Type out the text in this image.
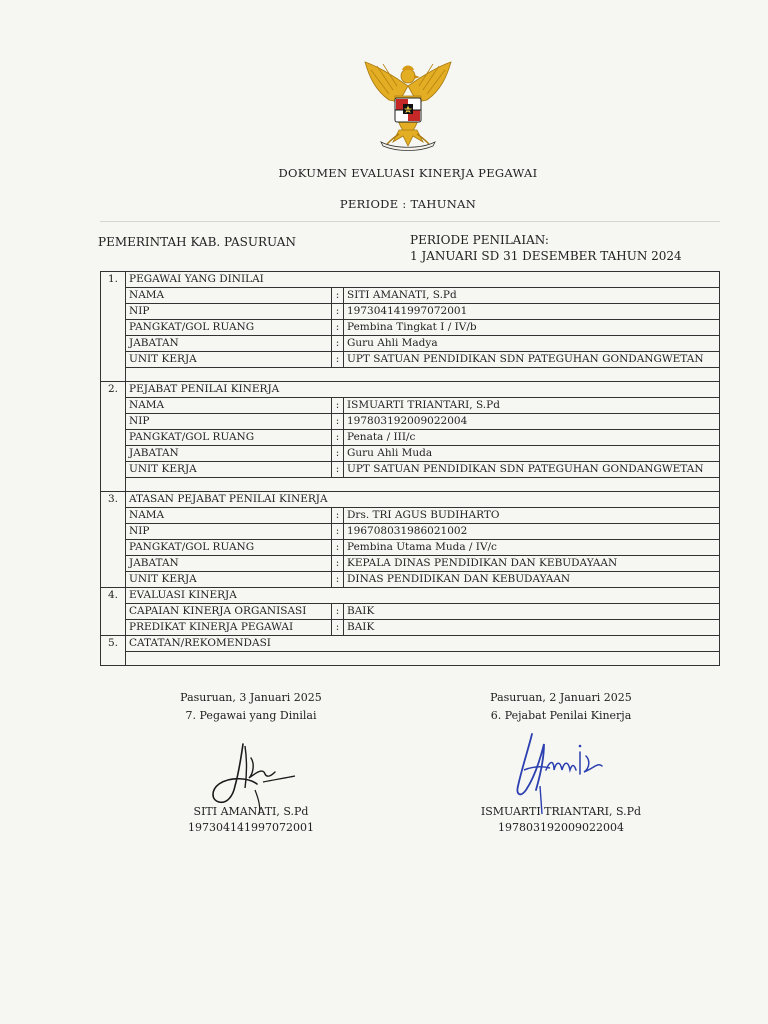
DOKUMEN EVALUASI KINERJA PEGAWAI
PERIODE : TAHUNAN
PEMERINTAH KAB. PASURUAN	PERIODE PENILAIAN:
1 JANUARI SD 31 DESEMBER TAHUN 2024
1.	PEGAWAI YANG DINILAI		
	NAMA	:	SITI AMANATI, S.Pd
	NIP	:	197304141997072001
	PANGKAT/GOL RUANG	:	Pembina Tingkat I / IV/b
	JABATAN	:	Guru Ahli Madya
	UNIT KERJA	:	UPT SATUAN PENDIDIKAN SDN PATEGUHAN GONDANGWETAN

2.	PEJABAT PENILAI KINERJA		
	NAMA	:	ISMUARTI TRIANTARI, S.Pd
	NIP	:	197803192009022004
	PANGKAT/GOL RUANG	:	Penata / III/c
	JABATAN	:	Guru Ahli Muda
	UNIT KERJA	:	UPT SATUAN PENDIDIKAN SDN PATEGUHAN GONDANGWETAN

3.	ATASAN PEJABAT PENILAI KINERJA		
	NAMA	:	Drs. TRI AGUS BUDIHARTO
	NIP	:	196708031986021002
	PANGKAT/GOL RUANG	:	Pembina Utama Muda / IV/c
	JABATAN	:	KEPALA DINAS PENDIDIKAN DAN KEBUDAYAAN
	UNIT KERJA	:	DINAS PENDIDIKAN DAN KEBUDAYAAN
4.	EVALUASI KINERJA		
	CAPAIAN KINERJA ORGANISASI	:	BAIK
	PREDIKAT KINERJA PEGAWAI	:	BAIK
5.	CATATAN/REKOMENDASI		

Pasuruan, 3 Januari 2025
7. Pegawai yang Dinilai
SITI AMANATI, S.Pd
197304141997072001
Pasuruan, 2 Januari 2025
6. Pejabat Penilai Kinerja
ISMUARTI TRIANTARI, S.Pd
197803192009022004
